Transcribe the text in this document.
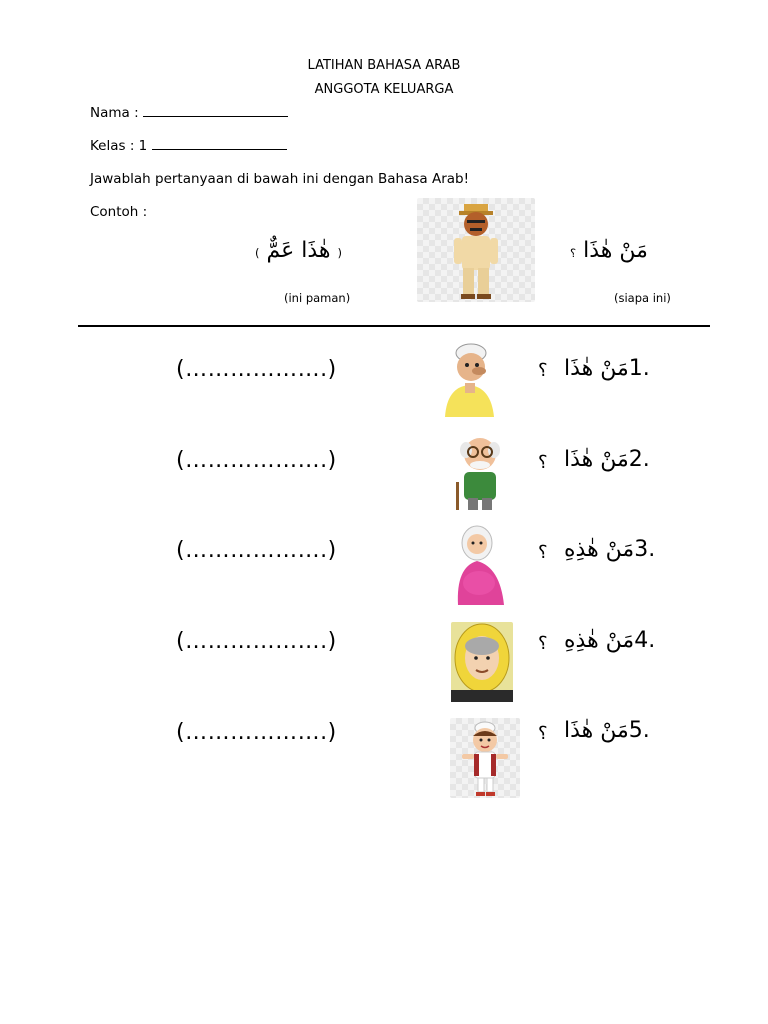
LATIHAN BAHASA ARAB
ANGGOTA KELUARGA
Nama :
Kelas : 1
Jawablah pertanyaan di bawah ini dengan Bahasa Arab!
Contoh :
( هٰذَا عَمٌّ )	؟ مَنْ هٰذَا
(ini paman)	(siapa ini)
(……………….)	؟ مَنْ هٰذَا1.
(……………….)	؟ مَنْ هٰذَا2.
(……………….)	؟ مَنْ هٰذِهِ3.
(……………….)	؟ مَنْ هٰذِهِ4.
(……………….)	؟ مَنْ هٰذَا5.
